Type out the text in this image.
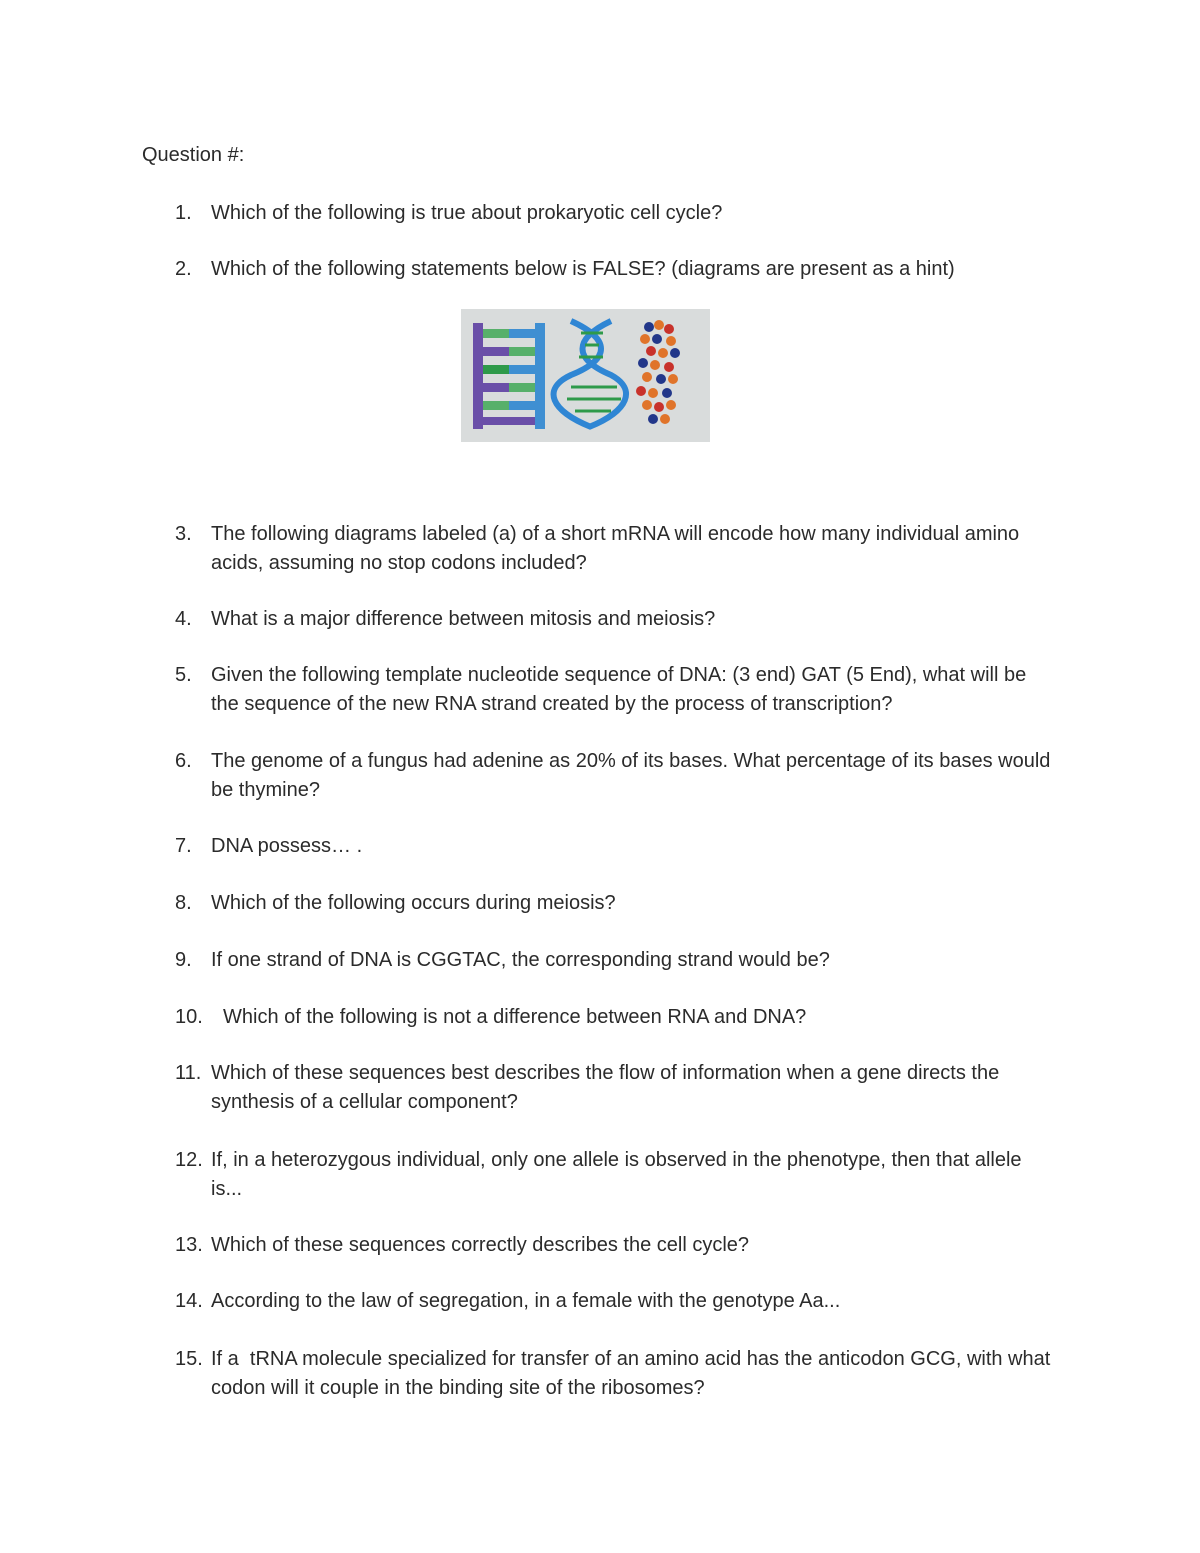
Question #:
1. Which of the following is true about prokaryotic cell cycle?
2. Which of the following statements below is FALSE? (diagrams are present as a hint)
3. The following diagrams labeled (a) of a short mRNA will encode how many individual amino acids, assuming no stop codons included?
4. What is a major difference between mitosis and meiosis?
5. Given the following template nucleotide sequence of DNA: (3 end) GAT (5 End), what will be the sequence of the new RNA strand created by the process of transcription?
6. The genome of a fungus had adenine as 20% of its bases. What percentage of its bases would be thymine?
7. DNA possess… .
8. Which of the following occurs during meiosis?
9. If one strand of DNA is CGGTAC, the corresponding strand would be?
10. Which of the following is not a difference between RNA and DNA?
11. Which of these sequences best describes the flow of information when a gene directs the synthesis of a cellular component?
12. If, in a heterozygous individual, only one allele is observed in the phenotype, then that allele is...
13. Which of these sequences correctly describes the cell cycle?
14. According to the law of segregation, in a female with the genotype Aa...
15. If a  tRNA molecule specialized for transfer of an amino acid has the anticodon GCG, with what codon will it couple in the binding site of the ribosomes?
